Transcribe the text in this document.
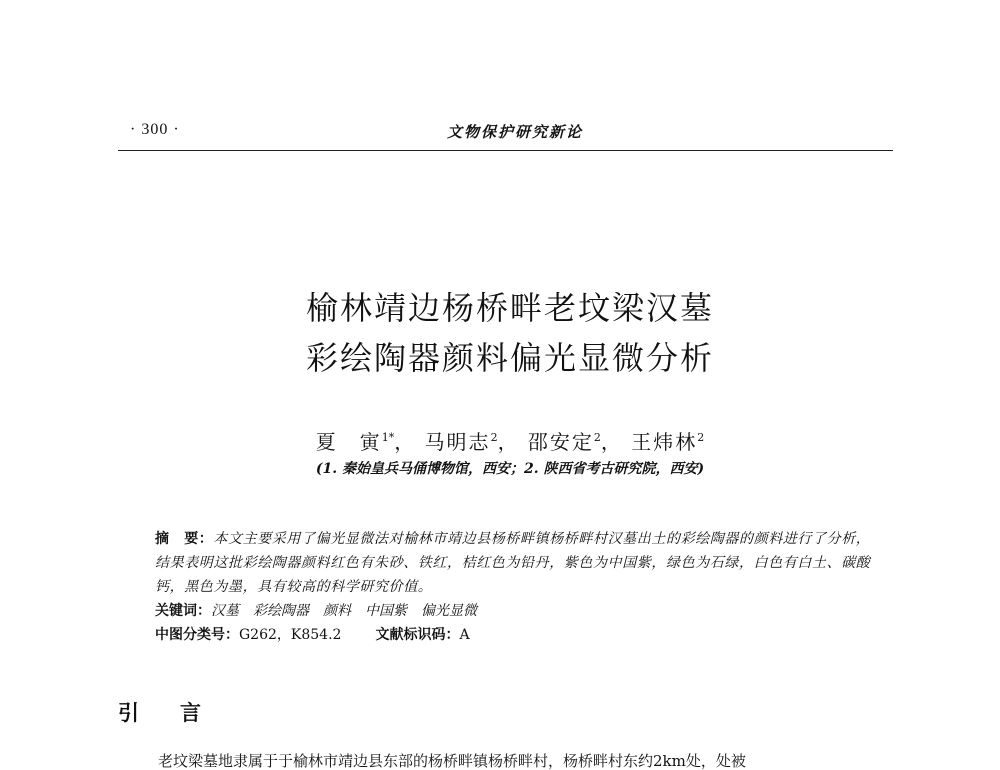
· 300 ·	文物保护研究新论
榆林靖边杨桥畔老坟梁汉墓
彩绘陶器颜料偏光显微分析
夏　寅$^{1*}$， 马明志$^2$， 邵安定$^2$， 王炜林$^2$
(1. 秦始皇兵马俑博物馆，西安；2. 陕西省考古研究院，西安)
摘　要：本文主要采用了偏光显微法对榆林市靖边县杨桥畔镇杨桥畔村汉墓出土的彩绘陶器的颜料进行了分析，结果表明这批彩绘陶器颜料红色有朱砂、铁红，桔红色为铅丹，紫色为中国紫，绿色为石绿，白色有白土、碳酸钙，黑色为墨，具有较高的科学研究价值。
关键词：汉墓 彩绘陶器 颜料 中国紫 偏光显微
中图分类号：G262，K854.2 文献标识码：A
引　言
老坟梁墓地隶属于于榆林市靖边县东部的杨桥畔镇杨桥畔村，杨桥畔村东约2km处，处被
